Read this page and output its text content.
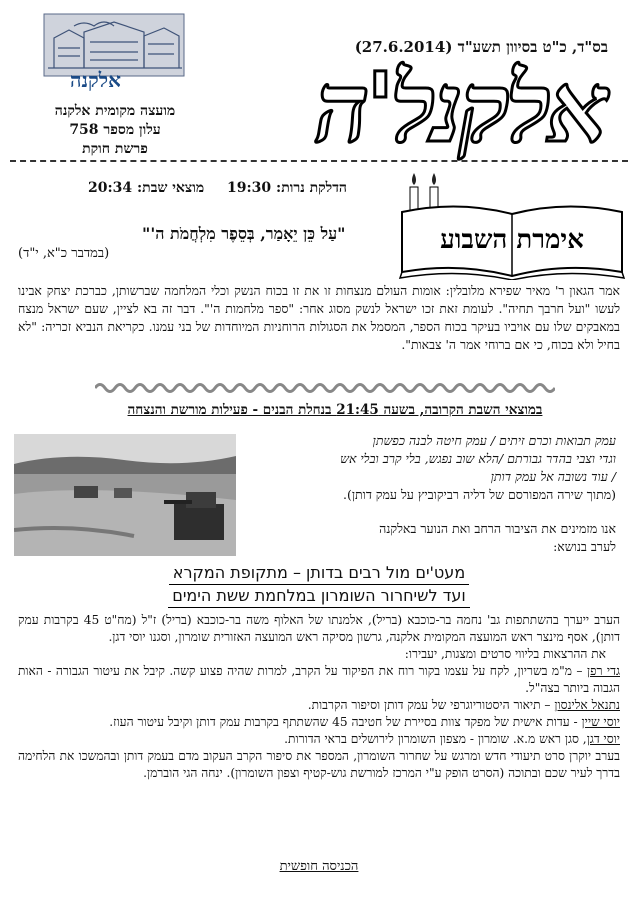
אלקנה
מועצה מקומית אלקנה
עלון מספר 758
פרשת חוקת
בס"ד, כ"ט בסיוון תשע"ד (27.6.2014)
אלקנל'ה
הדלקת נרות: 19:30 מוצאי שבת: 20:34
אימרת השבוע
"עַל כֵּן יֵאָמַר, בְּסֵפֶר מִלְחֲמֹת ה'"
(במדבר כ"א, י"ד)
אמר הגאון ר' מאיר שפירא מלובלין: אומות העולם מנצחות זו את זו בכוח הנשק וכלי המלחמה שברשותן, כברכת יצחק אבינו לעשו "ועל חרבך תחיה". לעומת זאת זכו ישראל לנשק מסוג אחר: "ספר מלחמות ה'". דבר זה בא לציין, שעם ישראל מנצח במאבקים שלו עם אויביו בעיקר בכוח הספר, המסמל את הסגולות הרוחניות המיוחדות של בני עמנו. כקריאת הנביא זכריה: "לא בחיל ולא בכוח, כי אם ברוחי אמר ה' צבאות".
במוצאי השבת הקרובה, בשעה 21:45 בנחלת הבנים - פעילות מורשת והנצחה
עמק תבואות וכרם זיתים / עמק חיטה לבנה כפשתן
וגדי וצבי בהדר גבורתם /הלא שוב נפגש, בלי קרב ובלי אש
/ עוד נשובה אל עמק דותן
(מתוך שירה המפורסם של דליה רביקוביץ על עמק דותן).
אנו מזמינים את הציבור הרחב ואת הנוער באלקנה
לערב בנושא:
מעט'ים מול רבים בדותן – מתקופת המקרא
ועד לשיחרור השומרון במלחמת ששת הימים

הערב ייערך בהשתתפות גב' נחמה בר-כוכבא (בריל), אלמנתו של האלוף משה בר-כוכבא (בריל) ז"ל (מח"ט 45 בקרבות עמק דותן), אסף מינצר ראש המועצה המקומית אלקנה, גרשון מסיקה ראש המועצה האזורית שומרון, וסגנו יוסי דגן.

את ההרצאות בליווי סרטים ומצגות, יעבירו:

גדי רפן – מ"מ בשריון, לקח על עצמו בקור רוח את הפיקוד על הקרב, למרות שהיה פצוע קשה. קיבל את עיטור הגבורה - האות הגבוה ביותר בצה"ל.

נתנאל אלינסון – תיאור היסטוריוגרפי של עמק דותן וסיפור הקרבות.

יוסי שיין - עדות אישית של מפקד צוות בסיירת של חטיבה 45 שהשתתף בקרבות עמק דותן וקיבל עיטור העוז.

יוסי דגן, סגן ראש מ.א. שומרון - מצפון השומרון לירושלים בראי הדורות.

בערב יוקרן סרט תיעודי חדש ומרגש על שחרור השומרון, המספר את סיפור הקרב העקוב מדם בעמק דותן ובהמשכו את הלחימה בדרך לעיר שכם ובתוכה (הסרט הופק ע"י המרכז למורשת גוש-קטיף וצפון השומרון). ינחה הגי הוברמן.

הכניסה חופשית
